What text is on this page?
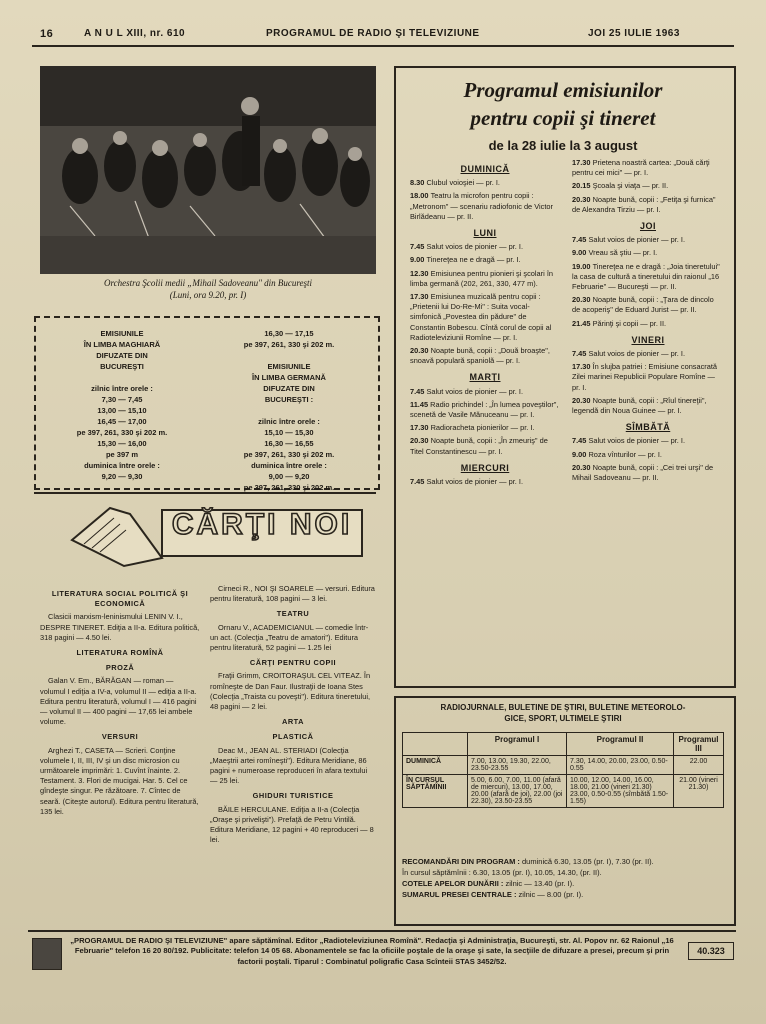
16	A N U L XIII, nr. 610	PROGRAMUL DE RADIO ŞI TELEVIZIUNE	JOI 25 IULIE 1963
Orchestra Şcolii medii „Mihail Sadoveanu" din Bucureşti
(Luni, ora 9.20, pr. I)
EMISIUNILE
ÎN LIMBA MAGHIARĂ
DIFUZATE DIN
BUCUREŞTI

zilnic între orele :
7,30 — 7,45
13,00 — 15,10
16,45 — 17,00
pe 397, 261, 330 şi 202 m.
15,30 — 16,00
pe 397 m
duminica între orele :
9,20 — 9,30
16,30 — 17,15
pe 397, 261, 330 şi 202 m.

EMISIUNILE
ÎN LIMBA GERMANĂ
DIFUZATE DIN
BUCUREŞTI :

zilnic între orele :
15,10 — 15,30
16,30 — 16,55
pe 397, 261, 330 şi 202 m.
duminica între orele :
9,00 — 9,20
pe 397, 261, 330 şi 202 m.
CĂRŢI NOI
LITERATURA SOCIAL POLITICĂ ŞI ECONOMICĂ
Clasicii marxism-leninismului LENIN V. I., DESPRE TINERET. Ediţia a II-a. Editura politică, 318 pagini — 4.50 lei.
LITERATURA ROMÎNĂ
PROZĂ
Galan V. Em., BĂRĂGAN — roman — volumul I ediţia a IV-a, volumul II — ediţia a II-a. Editura pentru literatură, volumul I — 416 pagini — volumul II — 400 pagini — 17,65 lei ambele volume.
VERSURI
Arghezi T., CASETA — Scrieri. Conţine volumele I, II, III, IV şi un disc microsion cu următoarele imprimări: 1. Cuvînt înainte. 2. Testament. 3. Flori de mucigai. Har. 5. Cel ce gîndeşte singur. Pe răzătoare. 7. Cîntec de seară. (Citeşte autorul). Editura pentru literatură, 135 lei.
Cirneci R., NOI ŞI SOARELE — versuri. Editura pentru literatură, 108 pagini — 3 lei.
TEATRU
Ornaru V., ACADEMICIANUL — comedie într-un act. (Colecţia „Teatru de amatori"). Editura pentru literatură, 52 pagini — 1.25 lei
CĂRŢI PENTRU COPII
Fraţii Grimm, CROITORAŞUL CEL VITEAZ. În romîneşte de Dan Faur. Ilustraţii de Ioana Stes (Colecţia „Traista cu poveşti"). Editura tineretului, 48 pagini — 2 lei.
ARTA
PLASTICĂ
Deac M., JEAN AL. STERIADI (Colecţia „Maeştrii artei romîneşti"). Editura Meridiane, 86 pagini + numeroase reproduceri în afara textului — 25 lei.
GHIDURI TURISTICE
BĂILE HERCULANE. Ediţia a II-a (Colecţia „Oraşe şi privelişti"). Prefaţă de Petru Vintilă. Editura Meridiane, 12 pagini + 40 reproduceri — 8 lei.
Programul emisiunilor
pentru copii şi tineret
de la 28 iulie la 3 august
DUMINICĂ
8.30 Clubul voioşiei — pr. I.
18.00 Teatru la microfon pentru copii : „Metronom" — scenariu radiofonic de Victor Birlădeanu — pr. II.
LUNI
7.45 Salut voios de pionier — pr. I.
9.00 Tinereţea ne e dragă — pr. I.
12.30 Emisiunea pentru pionieri şi şcolari în limba germană (202, 261, 330, 477 m).
17.30 Emisiunea muzicală pentru copii : „Prietenii lui Do-Re-Mi" : Suita vocal-simfonică „Povestea din pădure" de Constantin Bobescu. Cîntă corul de copii al Radioteleviziunii Romîne — pr. I.
20.30 Noapte bună, copii : „Două broaşte", snoavă populară spaniolă — pr. I.
MARŢI
7.45 Salut voios de pionier — pr. I.
11.45 Radio prichindel : „În lumea poveştilor", scenetă de Vasile Mănuceanu — pr. I.
17.30 Radioracheta pionierilor — pr. I.
20.30 Noapte bună, copii : „În zmeuriş" de Titel Constantinescu — pr. I.
MIERCURI
7.45 Salut voios de pionier — pr. I.
17.30 Prietena noastră cartea: „Două cărţi pentru cei mici" — pr. I.
20.15 Şcoala şi viaţa — pr. II.
20.30 Noapte bună, copii : „Fetiţa şi furnica" de Alexandra Tirziu — pr. I.
JOI
7.45 Salut voios de pionier — pr. I.
9.00 Vreau să ştiu — pr. I.
19.00 Tinereţea ne e dragă : „Joia tineretului" la casa de cultură a tineretului din raionul „16 Februarie" — Bucureşti — pr. II.
20.30 Noapte bună, copii : „Ţara de dincolo de acoperiş" de Eduard Jurist — pr. II.
21.45 Părinţi şi copii — pr. II.
VINERI
7.45 Salut voios de pionier — pr. I.
17.30 În slujba patriei : Emisiune consacrată Zilei marinei Republicii Populare Romîne — pr. I.
20.30 Noapte bună, copii : „Rîul tinereţii", legendă din Noua Guinee — pr. I.
SÎMBĂTĂ
7.45 Salut voios de pionier — pr. I.
9.00 Roza vînturilor — pr. I.
20.30 Noapte bună, copii : „Cei trei urşi" de Mihail Sadoveanu — pr. II.
RADIOJURNALE, BULETINE DE ŞTIRI, BULETINE METEOROLO-
GICE, SPORT, ULTIMELE ŞTIRI
	Programul I	Programul II	Programul III
DUMINICĂ	7.00, 13.00, 19.30, 22.00, 23.50-23.55	7.30, 14.00, 20.00, 23.00, 0.50-0.55	22.00
ÎN CURSUL SĂPTĂMÎNII	5.00, 6.00, 7.00, 11.00 (afară de miercuri), 13.00, 17.00, 20.00 (afară de joi), 22.00 (joi 22.30), 23.50-23.55	10.00, 12.00, 14.00, 16.00, 18.00, 21.00 (vineri 21.30) 23.00, 0.50-0.55 (sîmbătă 1.50-1.55)	21.00 (vineri 21.30)
RECOMANDĂRI DIN PROGRAM : duminică 6.30, 13.05 (pr. I), 7.30 (pr. II).
În cursul săptămînii : 6.30, 13.05 (pr. I), 10.05, 14.30, (pr. II).
COTELE APELOR DUNĂRII : zilnic — 13.40 (pr. I).
SUMARUL PRESEI CENTRALE : zilnic — 8.00 (pr. I).
„PROGRAMUL DE RADIO ŞI TELEVIZIUNE" apare săptămînal. Editor „Radioteleviziunea Romînă". Redacţia şi Administraţia, Bucureşti, str. Al. Popov nr. 62 Raionul „16 Februarie" telefon 16 20 80/192. Publicitate: telefon 14 05 68. Abonamentele se fac la oficiile poştale de la oraşe şi sate, la secţiile de difuzare a presei, precum şi prin factorii poştali. Tiparul : Combinatul poligrafic Casa Scînteii STAS 3452/52.
40.323
